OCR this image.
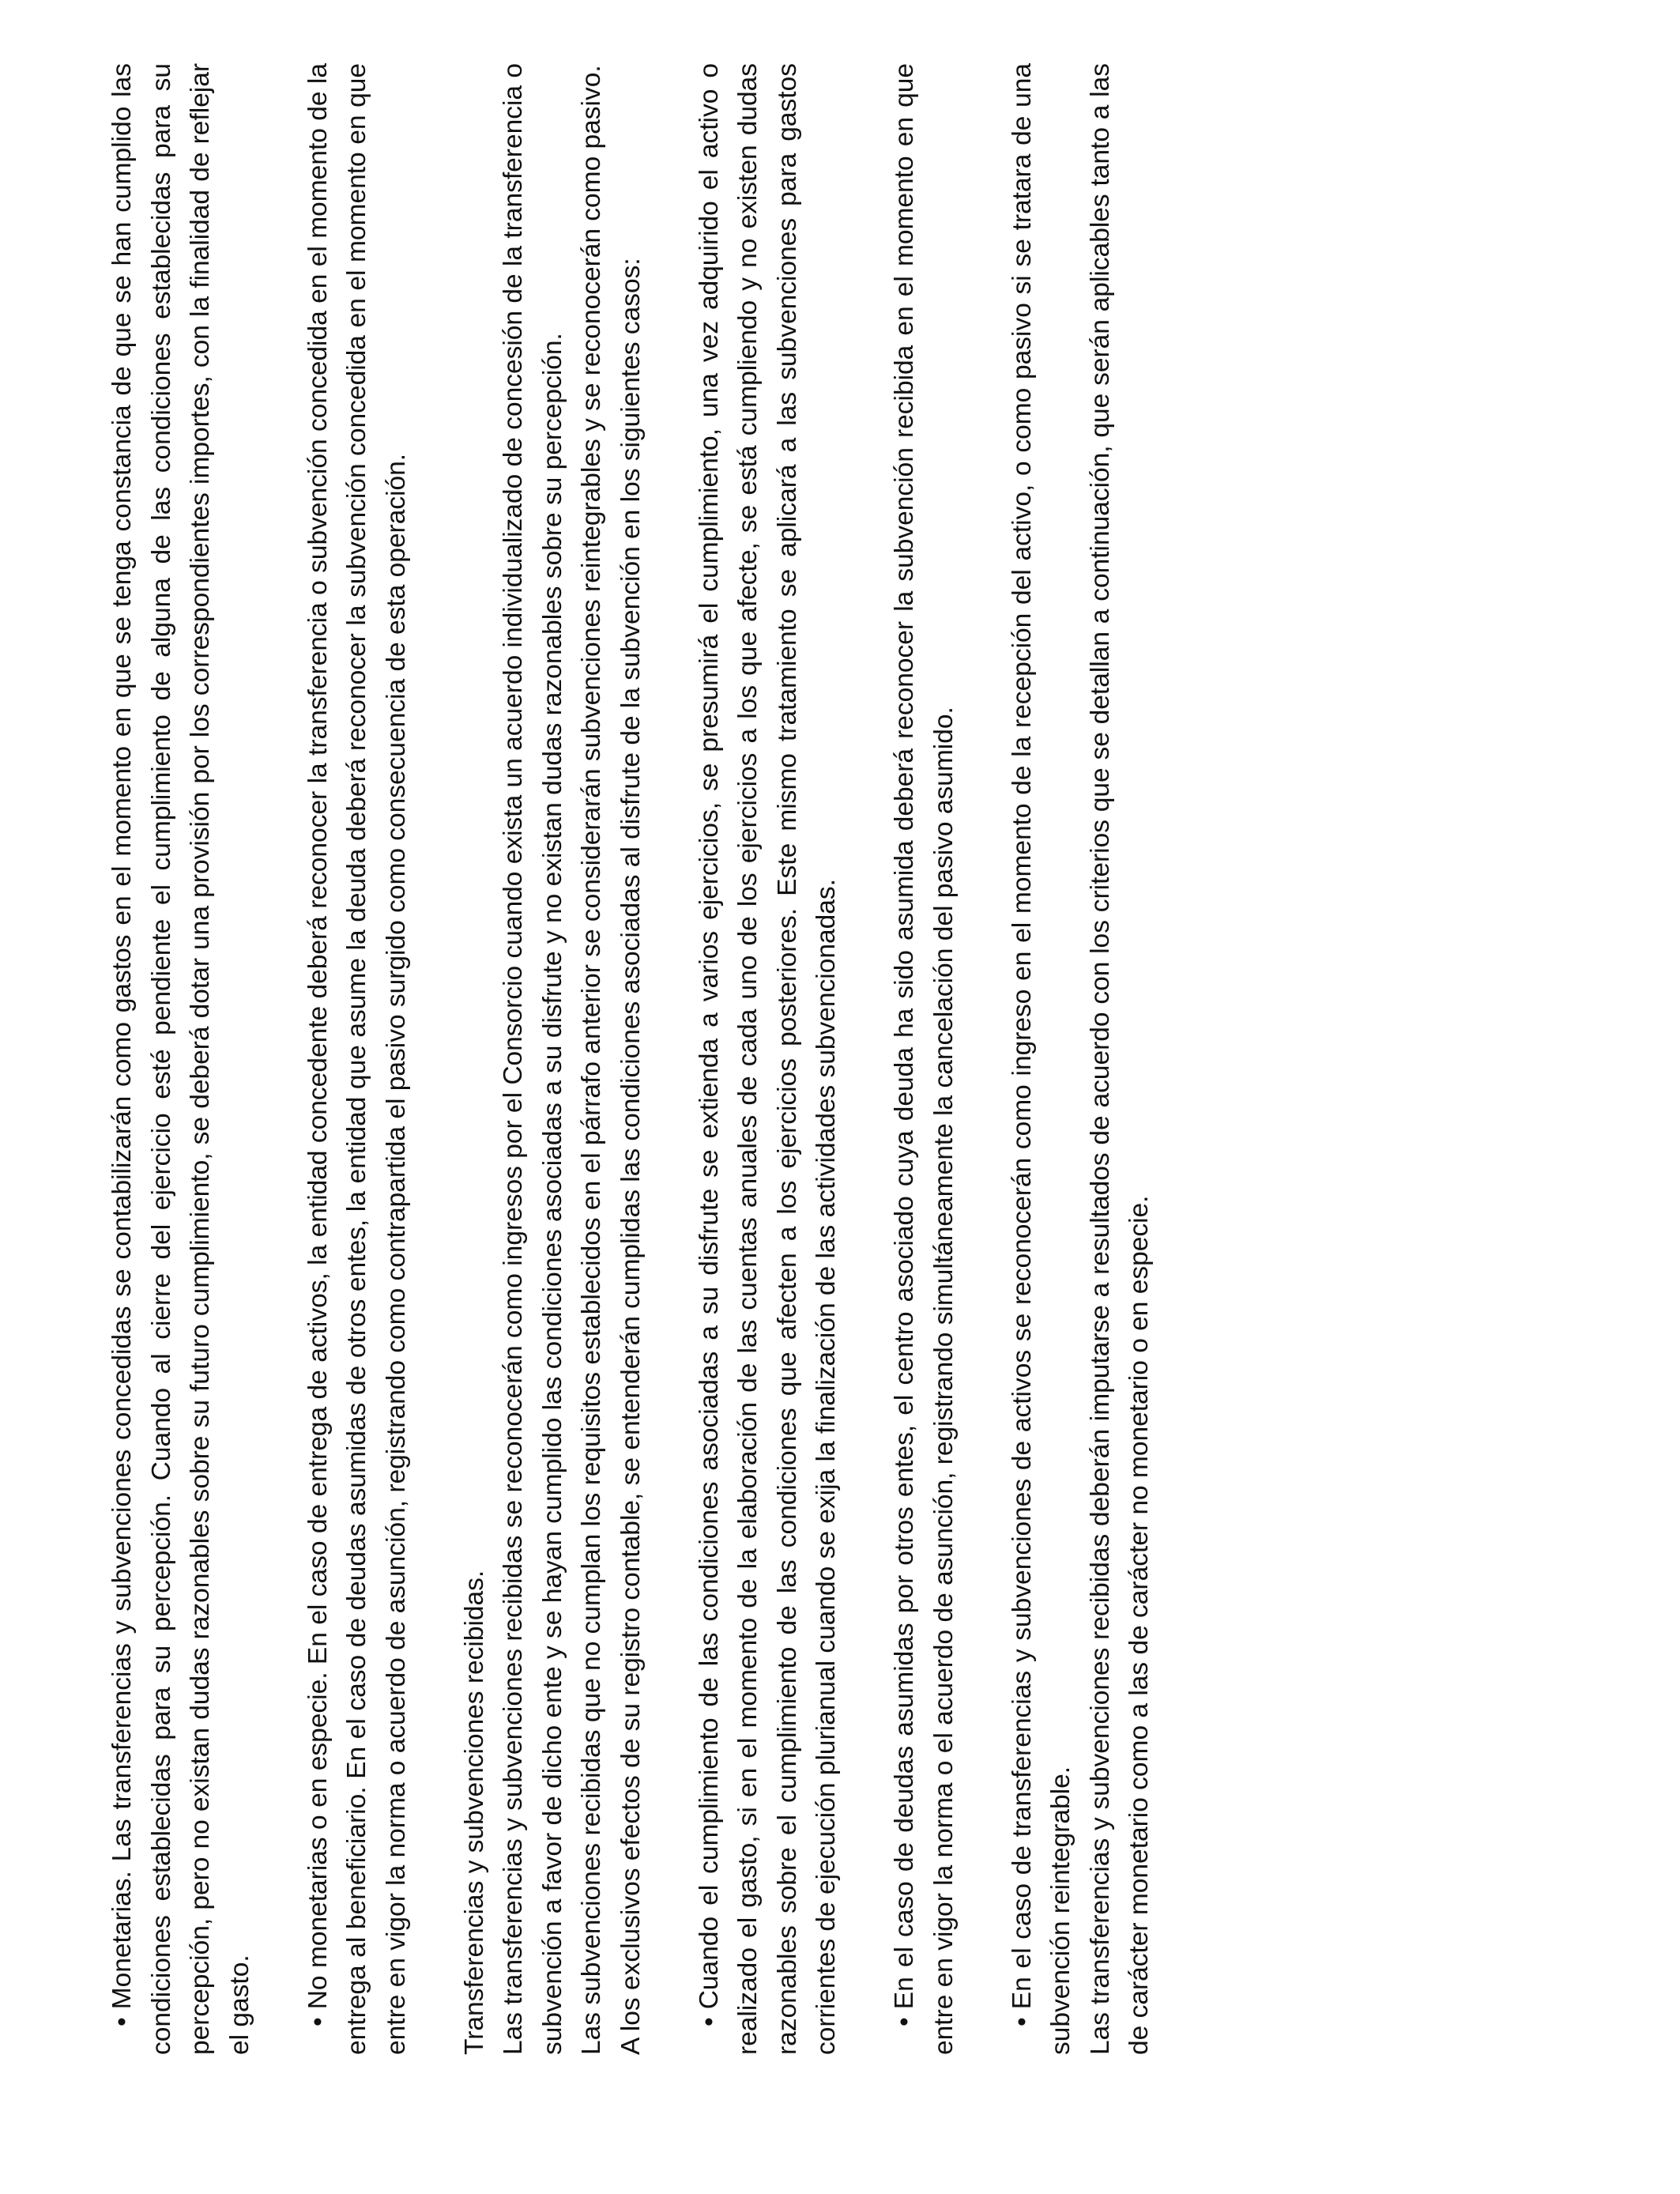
•Monetarias. Las transferencias y subvenciones concedidas se contabilizarán como gastos en el momento en que se tenga constancia de que se han cumplido las condiciones establecidas para su percepción. Cuando al cierre del ejercicio esté pendiente el cumplimiento de alguna de las condiciones establecidas para su percepción, pero no existan dudas razonables sobre su futuro cumplimiento, se deberá dotar una provisión por los correspondientes importes, con la finalidad de reflejar el gasto. •No monetarias o en especie. En el caso de entrega de activos, la entidad concedente deberá reconocer la transferencia o subvención concedida en el momento de la entrega al beneficiario. En el caso de deudas asumidas de otros entes, la entidad que asume la deuda deberá reconocer la subvención concedida en el momento en que entre en vigor la norma o acuerdo de asunción, registrando como contrapartida el pasivo surgido como consecuencia de esta operación. Transferencias y subvenciones recibidas. Las transferencias y subvenciones recibidas se reconocerán como ingresos por el Consorcio cuando exista un acuerdo individualizado de concesión de la transferencia o subvención a favor de dicho ente y se hayan cumplido las condiciones asociadas a su disfrute y no existan dudas razonables sobre su percepción. Las subvenciones recibidas que no cumplan los requisitos establecidos en el párrafo anterior se considerarán subvenciones reintegrables y se reconocerán como pasivo. A los exclusivos efectos de su registro contable, se entenderán cumplidas las condiciones asociadas al disfrute de la subvención en los siguientes casos: •Cuando el cumplimiento de las condiciones asociadas a su disfrute se extienda a varios ejercicios, se presumirá el cumplimiento, una vez adquirido el activo o realizado el gasto, si en el momento de la elaboración de las cuentas anuales de cada uno de los ejercicios a los que afecte, se está cumpliendo y no existen dudas razonables sobre el cumplimiento de las condiciones que afecten a los ejercicios posteriores. Este mismo tratamiento se aplicará a las subvenciones para gastos corrientes de ejecución plurianual cuando se exija la finalización de las actividades subvencionadas. •En el caso de deudas asumidas por otros entes, el centro asociado cuya deuda ha sido asumida deberá reconocer la subvención recibida en el momento en que entre en vigor la norma o el acuerdo de asunción, registrando simultáneamente la cancelación del pasivo asumido. •En el caso de transferencias y subvenciones de activos se reconocerán como ingreso en el momento de la recepción del activo, o como pasivo si se tratara de una subvención reintegrable. Las transferencias y subvenciones recibidas deberán imputarse a resultados de acuerdo con los criterios que se detallan a continuación, que serán aplicables tanto a las de carácter monetario como a las de carácter no monetario o en especie.
